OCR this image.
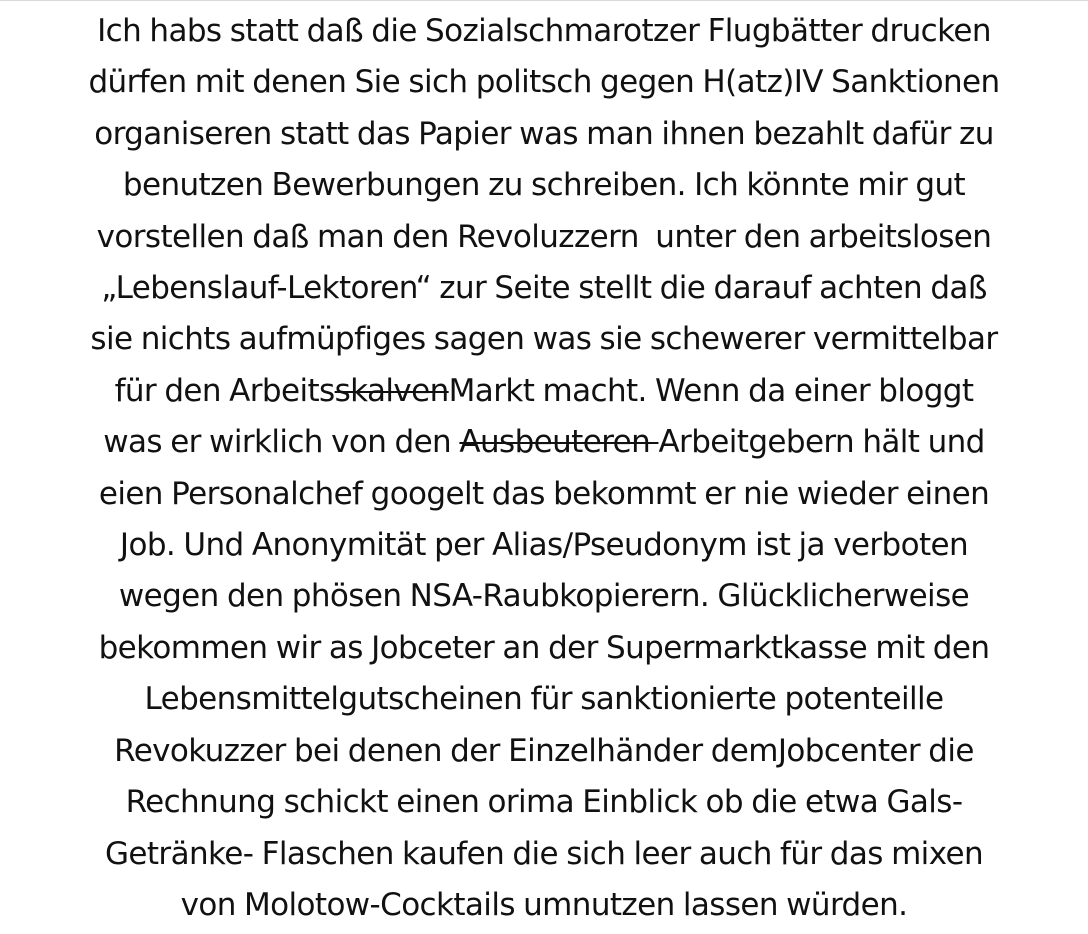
Ich habs statt daß die Sozialschmarotzer Flugbätter drucken
dürfen mit denen Sie sich politsch gegen H(atz)IV Sanktionen
organiseren statt das Papier was man ihnen bezahlt dafür zu
benutzen Bewerbungen zu schreiben. Ich könnte mir gut
vorstellen daß man den Revoluzzern  unter den arbeitslosen
„Lebenslauf-Lektoren“ zur Seite stellt die darauf achten daß
sie nichts aufmüpfiges sagen was sie schewerer vermittelbar
für den ArbeitsskalvenMarkt macht. Wenn da einer bloggt
was er wirklich von den Ausbeuteren Arbeitgebern hält und
eien Personalchef googelt das bekommt er nie wieder einen
Job. Und Anonymität per Alias/Pseudonym ist ja verboten
wegen den phösen NSA-Raubkopierern. Glücklicherweise
bekommen wir as Jobceter an der Supermarktkasse mit den
Lebensmittelgutscheinen für sanktionierte potenteille
Revokuzzer bei denen der Einzelhänder demJobcenter die
Rechnung schickt einen orima Einblick ob die etwa Gals-
Getränke- Flaschen kaufen die sich leer auch für das mixen
von Molotow-Cocktails umnutzen lassen würden.
